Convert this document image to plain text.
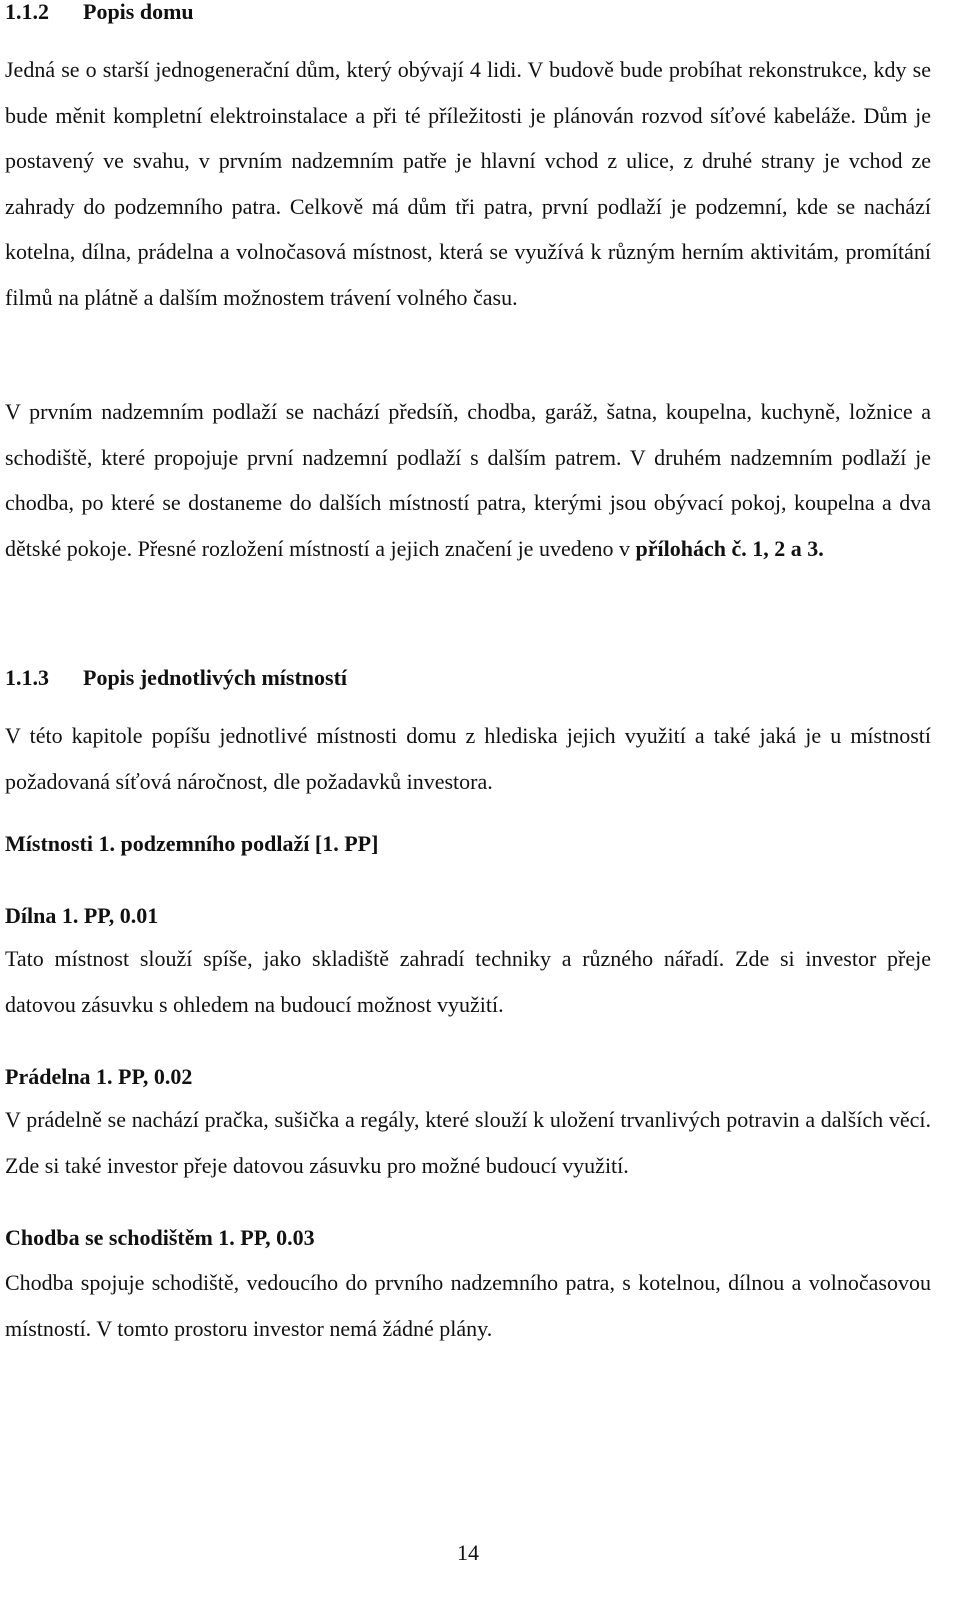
1.1.2 Popis domu

Jedná se o starší jednogenerační dům, který obývají 4 lidi. V budově bude probíhat rekonstrukce, kdy se bude měnit kompletní elektroinstalace a při té příležitosti je plánován rozvod síťové kabeláže. Dům je postavený ve svahu, v prvním nadzemním patře je hlavní vchod z ulice, z druhé strany je vchod ze zahrady do podzemního patra. Celkově má dům tři patra, první podlaží je podzemní, kde se nachází kotelna, dílna, prádelna a volnočasová místnost, která se využívá k různým herním aktivitám, promítání filmů na plátně a dalším možnostem trávení volného času.

V prvním nadzemním podlaží se nachází předsíň, chodba, garáž, šatna, koupelna, kuchyně, ložnice a schodiště, které propojuje první nadzemní podlaží s dalším patrem. V druhém nadzemním podlaží je chodba, po které se dostaneme do dalších místností patra, kterými jsou obývací pokoj, koupelna a dva dětské pokoje. Přesné rozložení místností a jejich značení je uvedeno v přílohách č. 1, 2 a 3.

1.1.3 Popis jednotlivých místností

V této kapitole popíšu jednotlivé místnosti domu z hlediska jejich využití a také jaká je u místností požadovaná síťová náročnost, dle požadavků investora.

Místnosti 1. podzemního podlaží [1. PP]
Dílna 1. PP, 0.01

Tato místnost slouží spíše, jako skladiště zahradí techniky a různého nářadí. Zde si investor přeje datovou zásuvku s ohledem na budoucí možnost využití.

Prádelna 1. PP, 0.02

V prádelně se nachází pračka, sušička a regály, které slouží k uložení trvanlivých potravin a dalších věcí. Zde si také investor přeje datovou zásuvku pro možné budoucí využití.

Chodba se schodištěm 1. PP, 0.03

Chodba spojuje schodiště, vedoucího do prvního nadzemního patra, s kotelnou, dílnou a volnočasovou místností. V tomto prostoru investor nemá žádné plány.

14
